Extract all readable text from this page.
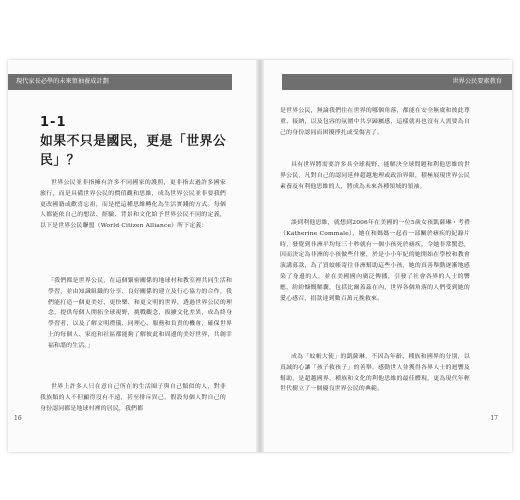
現代家長必學的未來領袖養成計劃
1-1
如果不只是國民，更是「世界公民」？
世界公民並非指擁有許多不同國家的護照，更非指去過許多國家旅行，而是具備世界公民的價值觀和思維，成為世界公民並非要我們更改國籍或歡喜忘祖，而是把這種思維轉化為生活實踐的方式。每個人都能依自己的想法、經驗、背景和文化給予世界公民不同的定義，以下是世界公民聯盟（World Citizen Alliance）所下定義：
「我們都是世界公民，在這個緊密關係的地球村和教室裡共同生活和學習，並由知識組織的分享、良好關係的建立及行心協力的合作，我們能打造一個更美好、更快樂、和更文明的世界，透過世界公民的理念，提供每個人開拓全球視野，挑戰觀念，拔擴文化差異，成為終身學習者，以及了解文明禮儀、同理心、服務和負責的機會，確保世界上的每個人、家庭和社區都能夠了解彼此和周邊的美好世界，共創幸福和諧的生活。」
世界上許多人只在意自己所在的生活圈子與自己類似的人，對非我族類的人不但顯得沒有不遠，甚至排斥異己，假設每個人對自己的身份認同都是地球村裡的居民，我們都
16
世界公民要素教育
是世界公民，無論我們住在世界的哪個角落，都能在安全無虞和彼此尊重、接納，以及包容的氛圍中共享歸屬感，這樣就再也沒有人需要為自己的身份認同而困擾掙扎或受傷害了。
具有世界將需要許多具全球視野、能解決全球問題和利他思維的世界公民，凡對自己的認同延伸超越地理或政治界限，積極展現世界公民素養及有利他思維的人，將成為未來各種領域的領袖。
談到利他思維，就想到2006年在美國的一位5歲女孩凱薩琳・考禮（Katherine Commale），她在和媽媽一起看一部關於瘧疾的紀錄片時，發覺到非洲平均每三十秒就有一個小孩死於瘧疾，令她非常驚恐，因而決定為非洲的小孩做些什麼，於是小小年紀的她開始在學校和教會演講募款，為了買蚊帳寄往非洲幫助這些小孩，她的真善舉動逐漸地感染了身邊的人，並在美國國內廣泛傳播，引發了社會各界的人士的響應，紛紛慷慨解囊，包括比爾蓋茲在內，世界各個角落的人們受到她的愛心感召，捐款達到數百萬元挽救來。
成為「蚊帳大使」的凱薩琳，不因為年齡、種族和國界的分別，以真誠的心讓「孩子救孩子」的善舉，感動世人並獲得各界人士的迴響及幫助，是超越國界、種族和文化的利他思維的最佳體現，更為現代年輕世代樹立了一個優良世界公民的典範。
17
